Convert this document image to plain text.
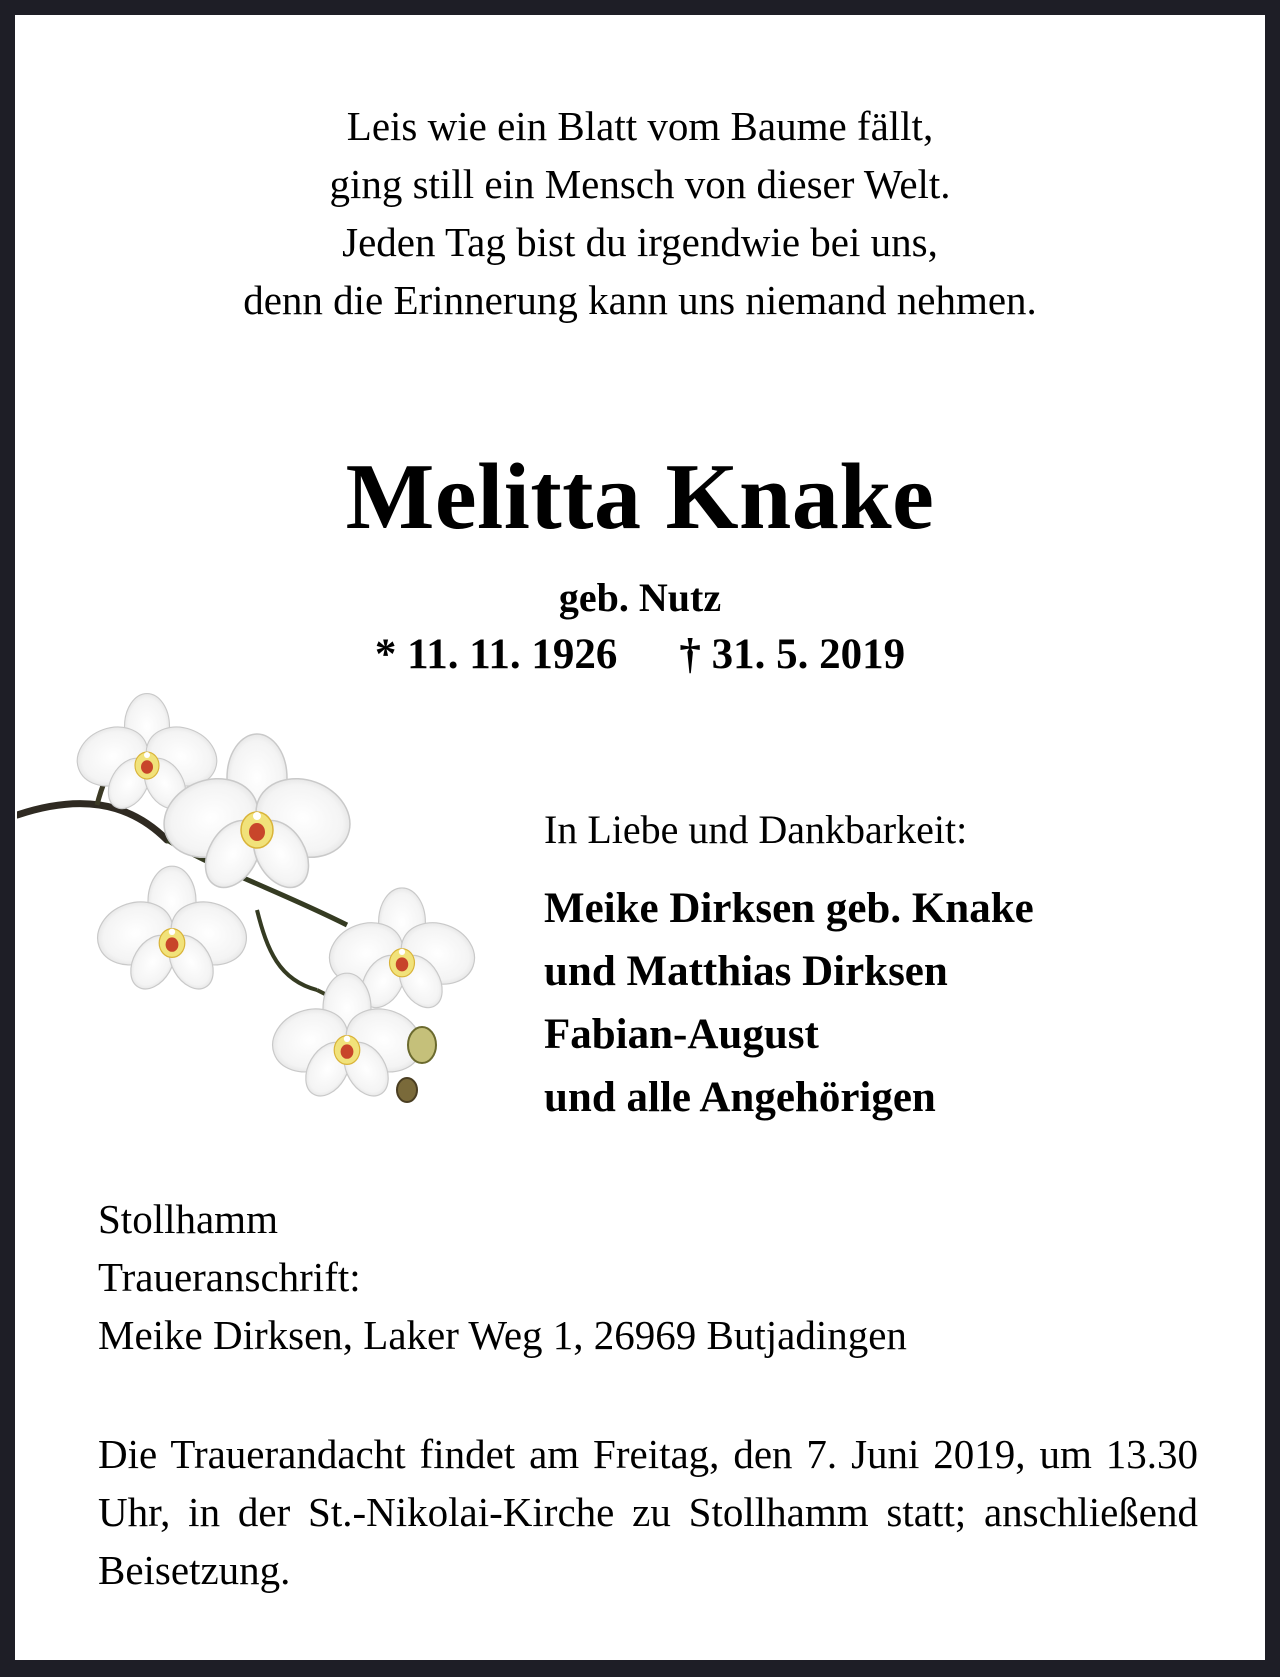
Leis wie ein Blatt vom Baume fällt,
ging still ein Mensch von dieser Welt.
Jeden Tag bist du irgendwie bei uns,
denn die Erinnerung kann uns niemand nehmen.
Melitta Knake
geb. Nutz
* 11. 11. 1926 † 31. 5. 2019
In Liebe und Dankbarkeit:
Meike Dirksen geb. Knake
und Matthias Dirksen
Fabian-August
und alle Angehörigen
Stollhamm
Traueranschrift:
Meike Dirksen, Laker Weg 1, 26969 Butjadingen
Die Trauerandacht findet am Freitag, den 7. Juni 2019, um 13.30 Uhr, in der St.-Nikolai-Kirche zu Stollhamm statt; anschließend Beisetzung.
